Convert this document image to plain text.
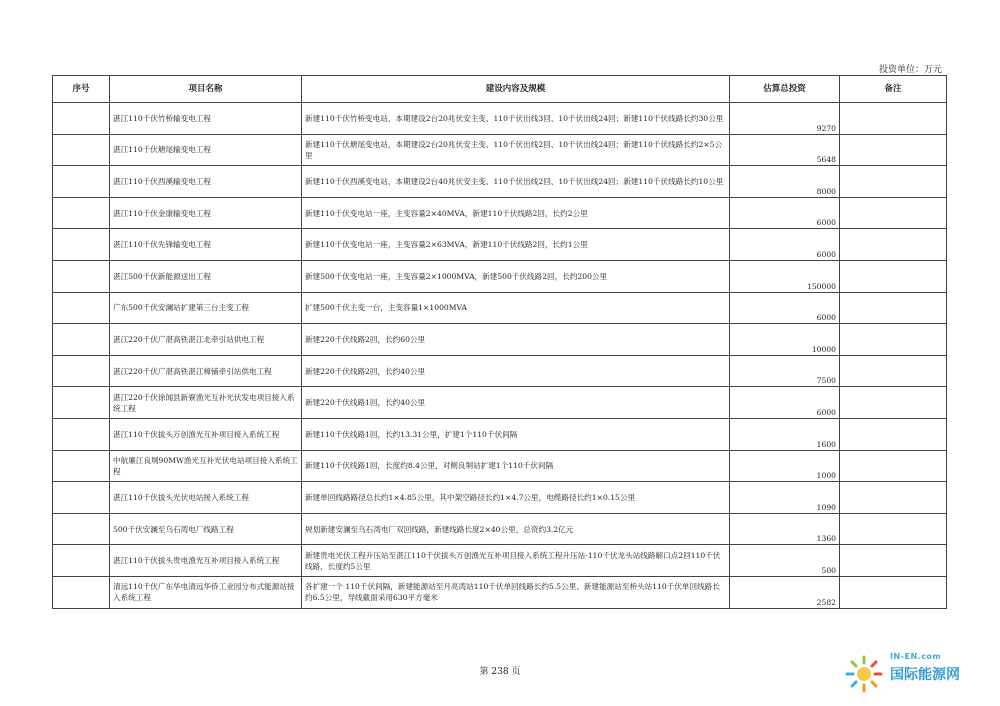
投资单位：万元
序号	项目名称	建设内容及规模	估算总投资	备注
	湛江110千伏竹桥输变电工程	新建110千伏竹桥变电站，本期建设2台20兆伏安主变、110千伏出线3回、10千伏出线24回；新建110千伏线路长约30公里	9270	
	湛江110千伏塘尾输变电工程	新建110千伏塘尾变电站，本期建设2台20兆伏安主变、110千伏出线2回、10千伏出线24回；新建110千伏线路长约2×5公里	5648	
	湛江110千伏西溪输变电工程	新建110千伏西溪变电站，本期建设2台40兆伏安主变、110千伏出线2回、10千伏出线24回；新建110千伏线路长约10公里	8000	
	湛江110千伏金康输变电工程	新建110千伏变电站一座，主变容量2×40MVA，新建110千伏线路2回，长约2公里	6000	
	湛江110千伏先锋输变电工程	新建110千伏变电站一座，主变容量2×63MVA，新建110千伏线路2回，长约1公里	6000	
	湛江500千伏新能源送出工程	新建500千伏变电站一座，主变容量2×1000MVA，新建500千伏线路2回，长约200公里	150000	
	广东500千伏安澜站扩建第三台主变工程	扩建500千伏主变一台，主变容量1×1000MVA	6000	
	湛江220千伏广湛高铁湛江北牵引站供电工程	新建220千伏线路2回，长约60公里	10000	
	湛江220千伏广湛高铁湛江樟铺牵引站供电工程	新建220千伏线路2回，长约40公里	7500	
	湛江220千伏徐闻县新寮渔光互补光伏发电项目接入系统工程	新建220千伏线路1回，长约40公里	6000	
	湛江110千伏拔头万创渔光互补项目接入系统工程	新建110千伏线路1回，长约13.31公里，扩建1个110千伏间隔	1600	
	中航廉江良垌90MW渔光互补光伏电站项目接入系统工程	新建110千伏线路1回，长度约8.4公里，对侧良垌站扩建1个110千伏间隔	1000	
	湛江110千伏拔头光伏电站接入系统工程	新建单回线路路径总长约1×4.85公里，其中架空路径长约1×4.7公里，电缆路径长约1×0.15公里	1090	
	500千伏安澜至乌石湾电厂线路工程	规划新建安澜至乌石湾电厂双回线路，新建线路长度2×40公里，总资约3.2亿元	1360	
	湛江110千伏拔头贵电渔光互补项目接入系统工程	新建贵电光伏工程升压站至湛江110千伏拔头万创渔光互补项目接入系统工程升压站-110千伏龙头站线路解口点2回110千伏线路，长度约5公里	500	
	清远110千伏广东华电清远华侨工业园分布式能源站接入系统工程	各扩建一个 110千伏间隔，新建能源站至月亮湾站110千伏单回线路长约5.5公里、新建能源站至桥头站110千伏单回线路长约6.5公里，导线截面采用630平方毫米	2582	
第 238 页
IN-EN.com
国际能源网
